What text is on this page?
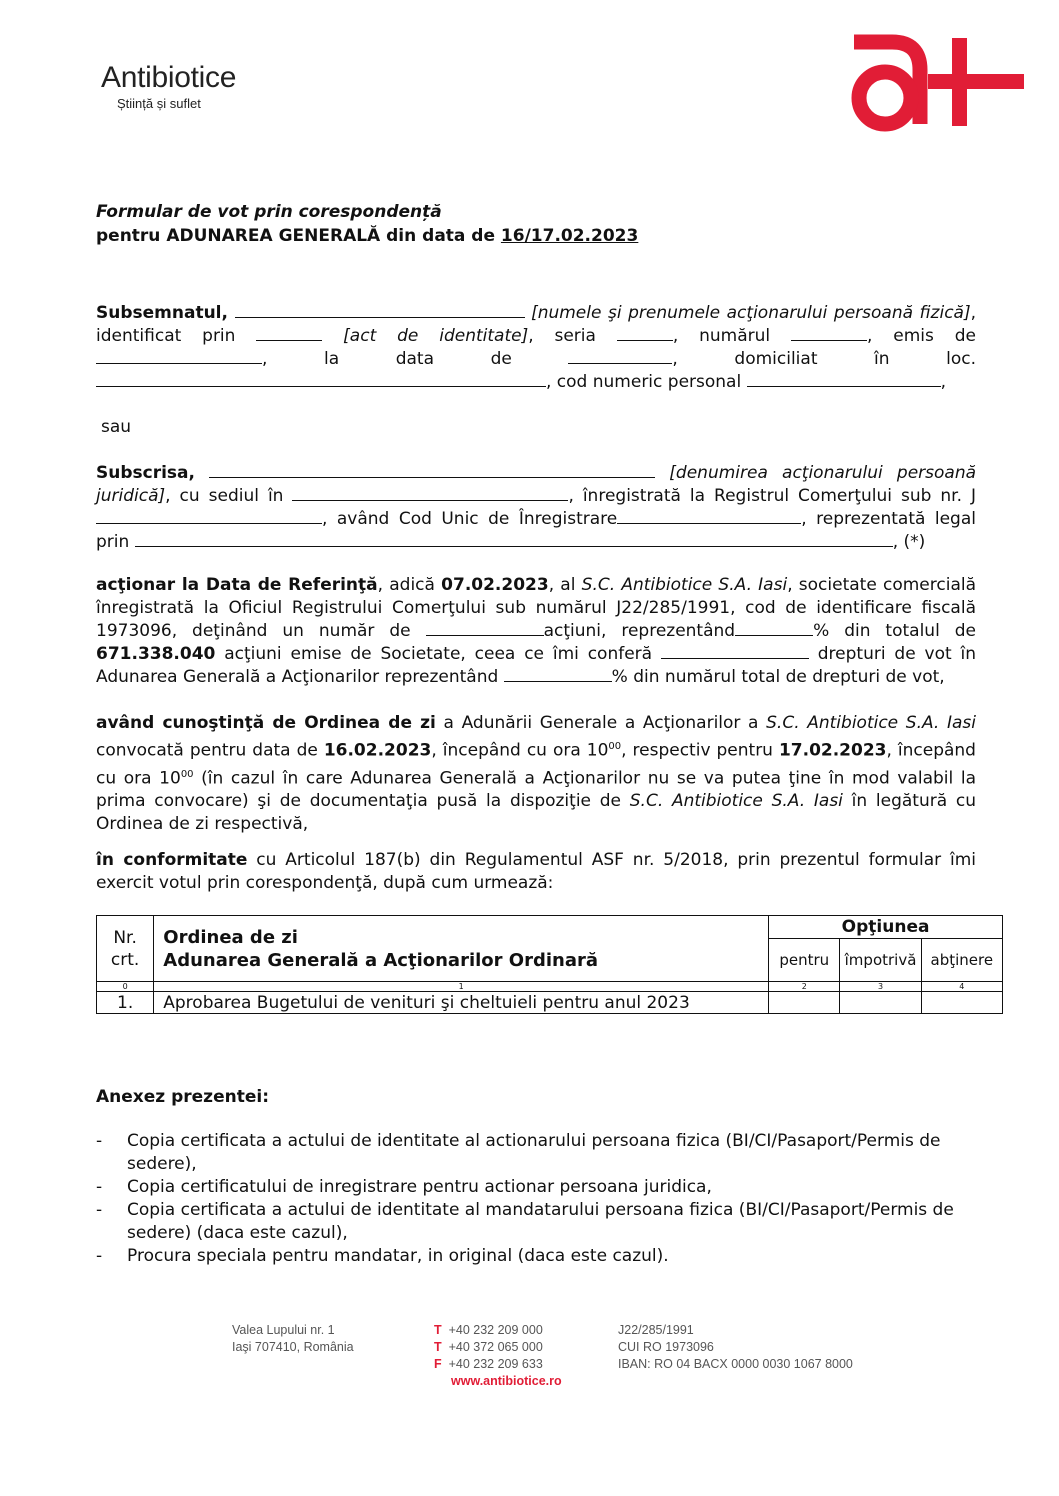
Antibiotice
Știință și suflet
Formular de vot prin corespondență
pentru ADUNAREA GENERALĂ din data de 16/17.02.2023
Subsemnatul,	[numele şi prenumele acţionarului persoană fizică], identificat prin	[act de identitate], seria	, numărul	, emis de , la data de	, domiciliat în loc. , cod numeric personal	,
sau
Subscrisa,	[denumirea acţionarului persoană juridică], cu sediul în	, înregistrată la Registrul Comerţului sub nr. J, având Cod Unic de Înregistrare	, reprezentată legal prin	, (*)
acţionar la Data de Referinţă, adică 07.02.2023, al S.C. Antibiotice S.A. Iasi, societate comercială înregistrată la Oficiul Registrului Comerţului sub numărul J22/285/1991, cod de identificare fiscală 1973096, deţinând un număr de	acţiuni, reprezentând	% din totalul de 671.338.040 acţiuni emise de Societate, ceea ce îmi conferă	drepturi de vot în Adunarea Generală a Acţionarilor reprezentând	% din numărul total de drepturi de vot,
având cunoştinţă de Ordinea de zi a Adunării Generale a Acţionarilor a S.C. Antibiotice S.A. Iasi convocată pentru data de 16.02.2023, începând cu ora $10^{00}$, respectiv pentru 17.02.2023, începând cu ora $10^{00}$ (în cazul în care Adunarea Generală a Acţionarilor nu se va putea ţine în mod valabil la prima convocare) şi de documentaţia pusă la dispoziţie de S.C. Antibiotice S.A. Iasi în legătură cu Ordinea de zi respectivă,
în conformitate cu Articolul 187(b) din Regulamentul ASF nr. 5/2018, prin prezentul formular îmi exercit votul prin corespondenţă, după cum urmează:
Nr. crt.	Ordinea de zi
Adunarea Generală a Acţionarilor Ordinară	Opţiunea		
		pentru	împotrivă	abţinere
0	1	2	3	4
1.	Aprobarea Bugetului de venituri şi cheltuieli pentru anul 2023			
Anexez prezentei:
- Copia certificata a actului de identitate al actionarului persoana fizica (BI/CI/Pasaport/Permis de sedere),
- Copia certificatului de inregistrare pentru actionar persoana juridica,
- Copia certificata a actului de identitate al mandatarului persoana fizica (BI/CI/Pasaport/Permis de sedere) (daca este cazul),
- Procura speciala pentru mandatar, in original (daca este cazul).
Valea Lupului nr. 1
Iaşi 707410, România
T +40 232 209 000
T +40 372 065 000
F +40 232 209 633
www.antibiotice.ro
J22/285/1991
CUI RO 1973096
IBAN: RO 04 BACX 0000 0030 1067 8000
